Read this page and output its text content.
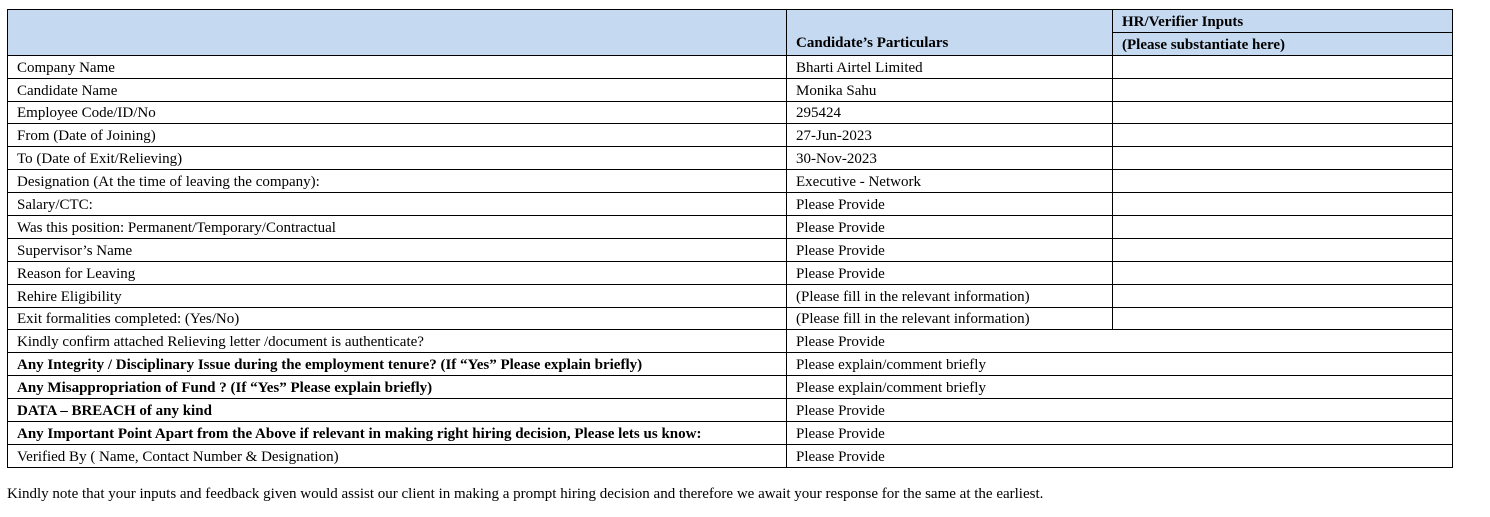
	Candidate’s Particulars	HR/Verifier Inputs
		(Please substantiate here)
Company Name	Bharti Airtel Limited	
Candidate Name	Monika Sahu	
Employee Code/ID/No	295424	
From (Date of Joining)	27-Jun-2023	
To (Date of Exit/Relieving)	30-Nov-2023	
Designation (At the time of leaving the company):	Executive - Network	
Salary/CTC:	Please Provide	
Was this position: Permanent/Temporary/Contractual	Please Provide	
Supervisor’s Name	Please Provide	
Reason for Leaving	Please Provide	
Rehire Eligibility	(Please fill in the relevant information)	
Exit formalities completed: (Yes/No)	(Please fill in the relevant information)	
Kindly confirm attached Relieving letter /document is authenticate?	Please Provide	
Any Integrity / Disciplinary Issue during the employment tenure? (If “Yes” Please explain briefly)	Please explain/comment briefly	
Any Misappropriation of Fund ? (If “Yes” Please explain briefly)	Please explain/comment briefly	
DATA – BREACH of any kind	Please Provide	
Any Important Point Apart from the Above if relevant in making right hiring decision, Please lets us know:	Please Provide	
Verified By ( Name, Contact Number & Designation)	Please Provide	

Kindly note that your inputs and feedback given would assist our client in making a prompt hiring decision and therefore we await your response for the same at the earliest.
